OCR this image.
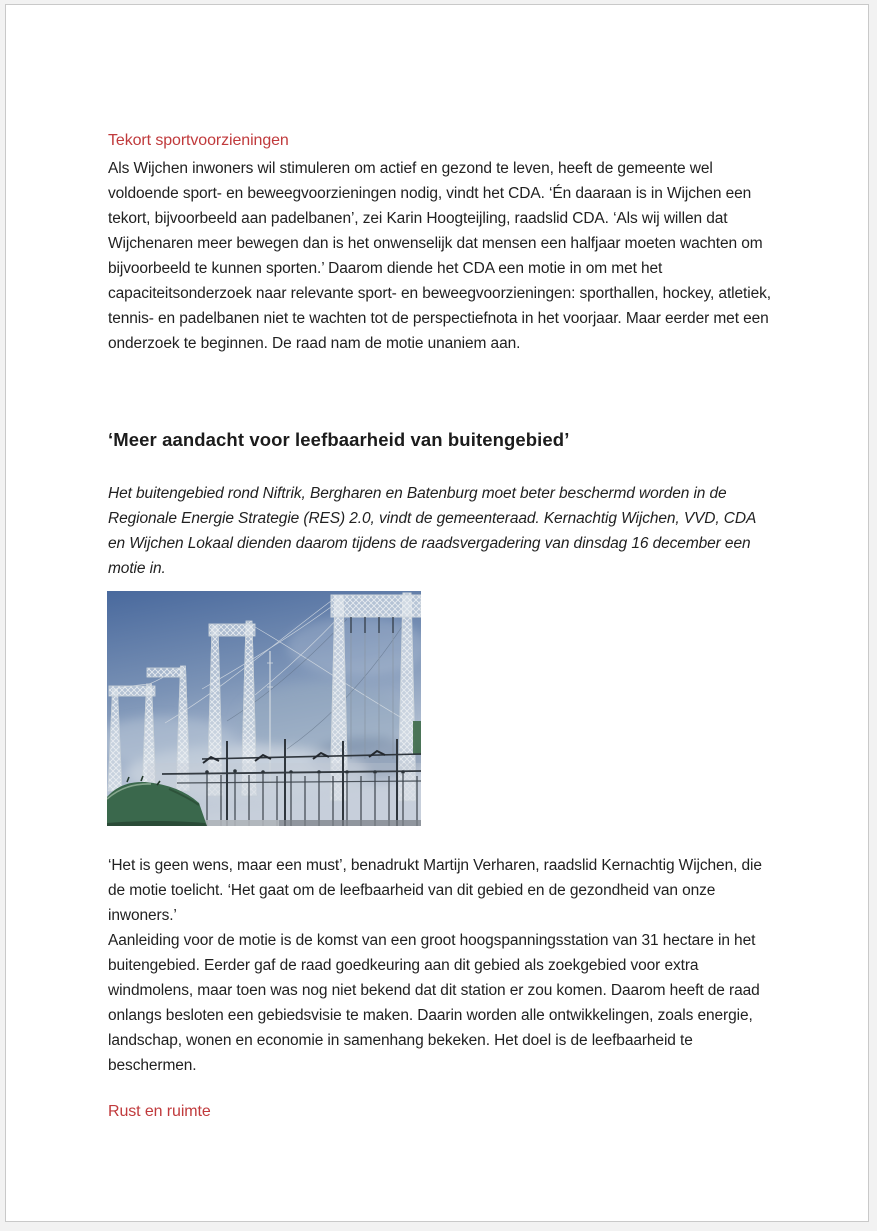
Tekort sportvoorzieningen
Als Wijchen inwoners wil stimuleren om actief en gezond te leven, heeft de gemeente wel voldoende sport- en beweegvoorzieningen nodig, vindt het CDA. ‘Én daaraan is in Wijchen een tekort, bijvoorbeeld aan padelbanen’, zei Karin Hoogteijling, raadslid CDA. ‘Als wij willen dat Wijchenaren meer bewegen dan is het onwenselijk dat mensen een halfjaar moeten wachten om bijvoorbeeld te kunnen sporten.’ Daarom diende het CDA een motie in om met het capaciteitsonderzoek naar relevante sport- en beweegvoorzieningen: sporthallen, hockey, atletiek, tennis- en padelbanen niet te wachten tot de perspectiefnota in het voorjaar. Maar eerder met een onderzoek te beginnen. De raad nam de motie unaniem aan.
‘Meer aandacht voor leefbaarheid van buitengebied’
Het buitengebied rond Niftrik, Bergharen en Batenburg moet beter beschermd worden in de Regionale Energie Strategie (RES) 2.0, vindt de gemeenteraad. Kernachtig Wijchen, VVD, CDA en Wijchen Lokaal dienden daarom tijdens de raadsvergadering van dinsdag 16 december een motie in.
‘Het is geen wens, maar een must’, benadrukt Martijn Verharen, raadslid Kernachtig Wijchen, die de motie toelicht. ‘Het gaat om de leefbaarheid van dit gebied en de gezondheid van onze inwoners.’
Aanleiding voor de motie is de komst van een groot hoogspanningsstation van 31 hectare in het buitengebied. Eerder gaf de raad goedkeuring aan dit gebied als zoekgebied voor extra windmolens, maar toen was nog niet bekend dat dit station er zou komen. Daarom heeft de raad onlangs besloten een gebiedsvisie te maken. Daarin worden alle ontwikkelingen, zoals energie, landschap, wonen en economie in samenhang bekeken. Het doel is de leefbaarheid te beschermen.
Rust en ruimte
